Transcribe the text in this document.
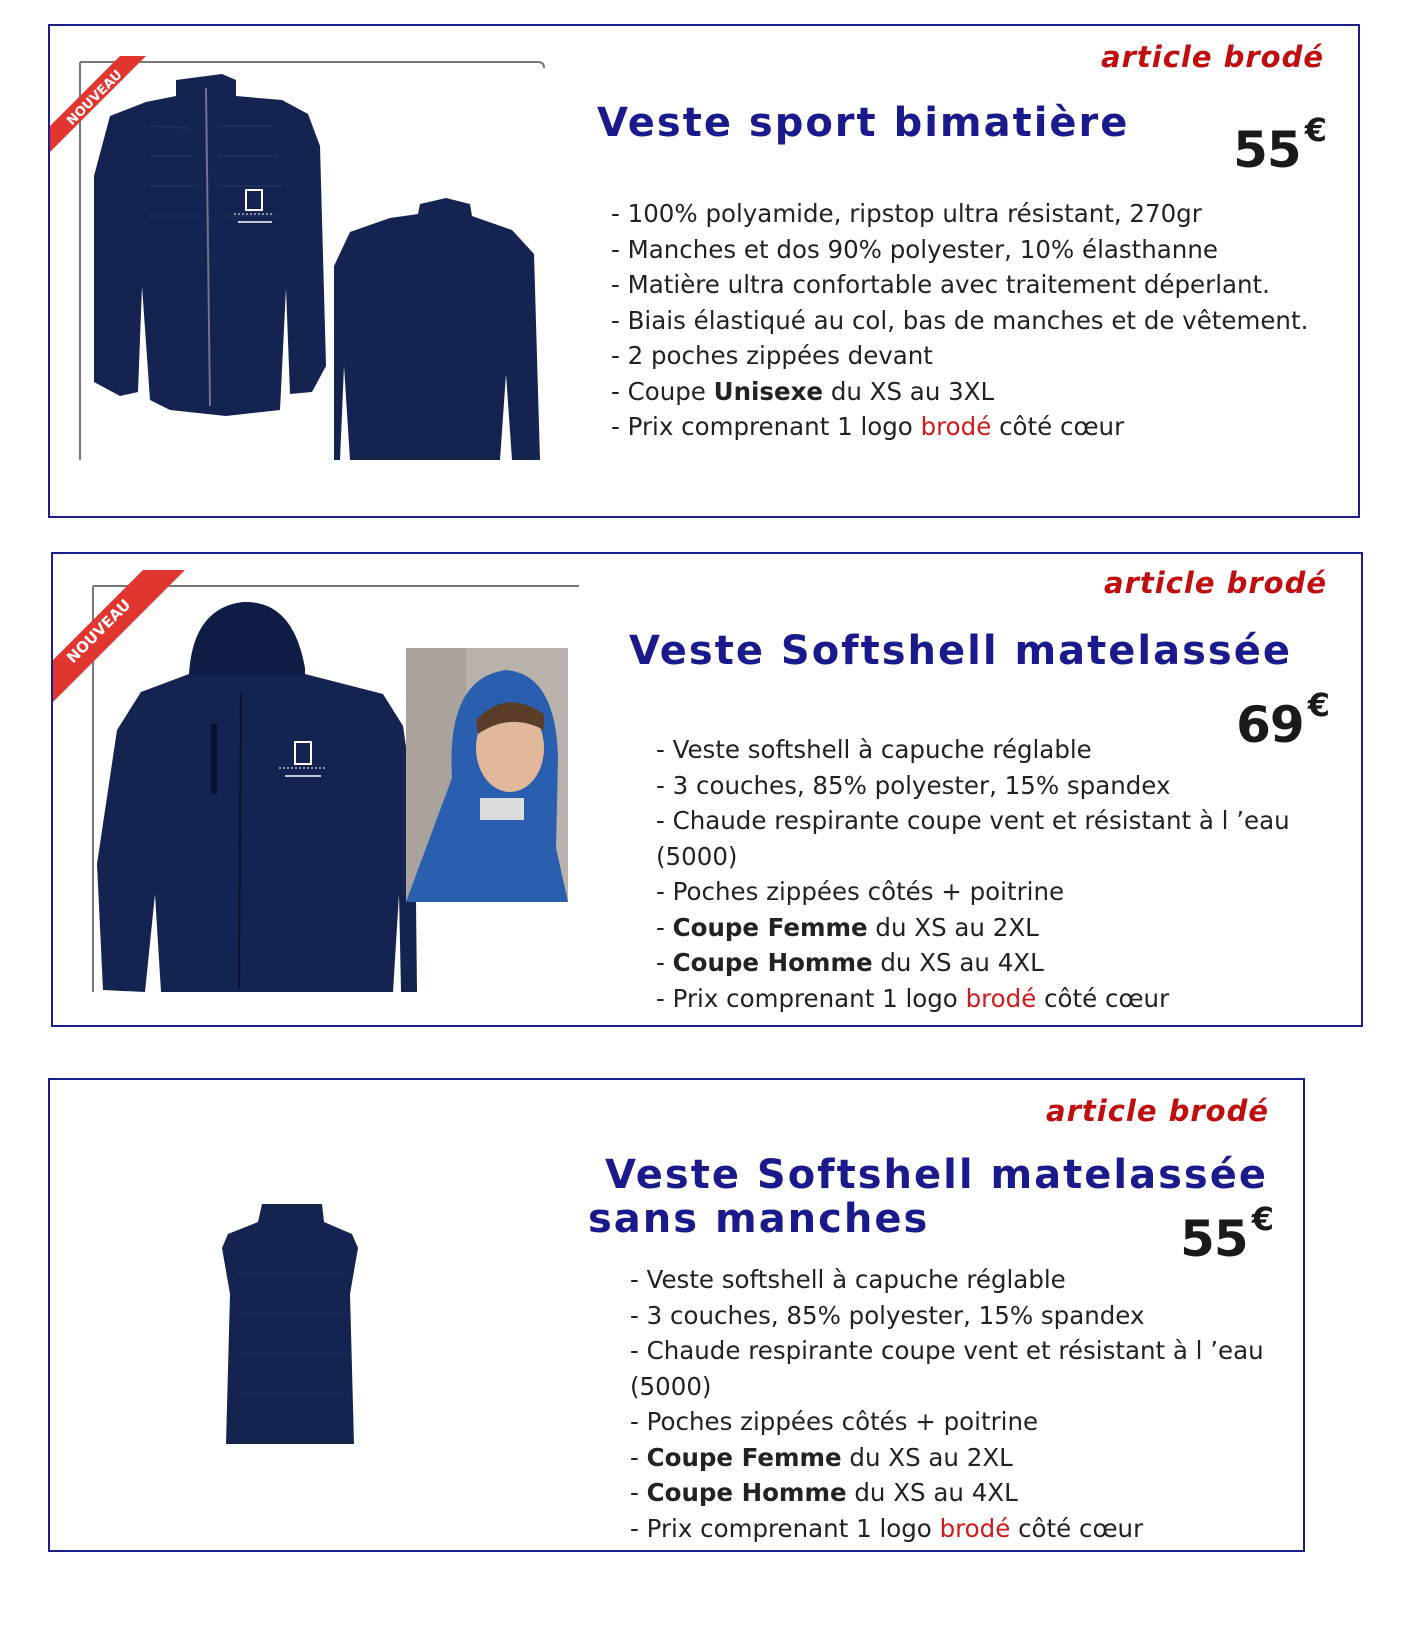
article brodé
Veste sport bimatière 55 €
- 100% polyamide, ripstop ultra résistant, 270gr
- Manches et dos 90% polyester, 10% élasthanne
- Matière ultra confortable avec traitement déperlant.
- Biais élastiqué au col, bas de manches et de vêtement.
- 2 poches zippées devant
- Coupe Unisexe du XS au 3XL
- Prix comprenant 1 logo brodé côté cœur
NOUVEAU
article brodé
Veste Softshell matelassée
69 €
- Veste softshell à capuche réglable
- 3 couches, 85% polyester, 15% spandex
- Chaude respirante coupe vent et résistant à l ’eau (5000)
- Poches zippées côtés + poitrine
- Coupe Femme du XS au 2XL
- Coupe Homme du XS au 4XL
- Prix comprenant 1 logo brodé côté cœur
NOUVEAU
article brodé
Veste Softshell matelassée
sans manches	55 €
- Veste softshell à capuche réglable
- 3 couches, 85% polyester, 15% spandex
- Chaude respirante coupe vent et résistant à l ’eau (5000)
- Poches zippées côtés + poitrine
- Coupe Femme du XS au 2XL
- Coupe Homme du XS au 4XL
- Prix comprenant 1 logo brodé côté cœur
